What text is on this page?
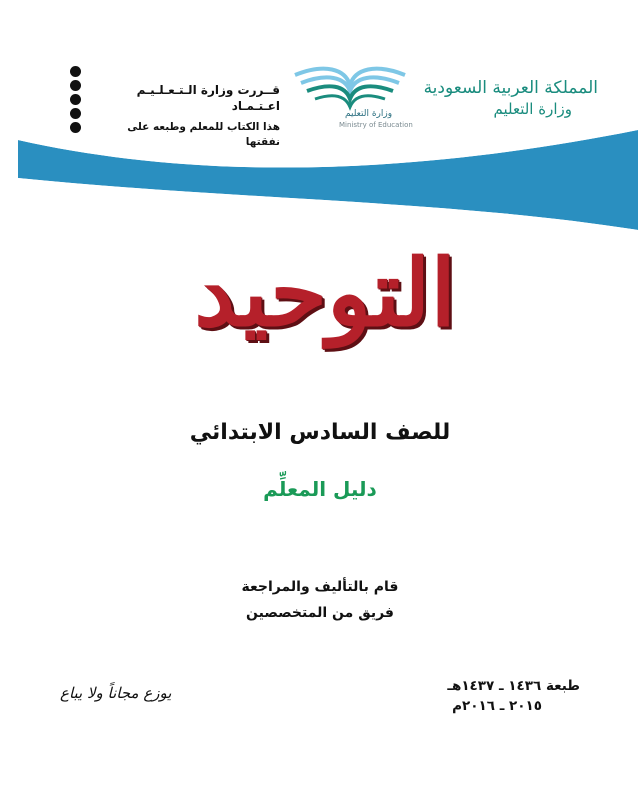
المملكة العربية السعودية
وزارة التعليم
وزارة التعليم
Ministry of Education
قــررت وزارة الـتـعـلـيـم اعـتـمـاد
هذا الكتاب للمعلم وطبعه على نفقتها
التوحيد
للصف السادس الابتدائي
دليل المعلِّم
قام بالتأليف والمراجعة
فريق من المتخصصين
طبعة ١٤٣٦ ـ ١٤٣٧هـ
٢٠١٥ ـ ٢٠١٦م
يوزع مجاناً ولا يباع
